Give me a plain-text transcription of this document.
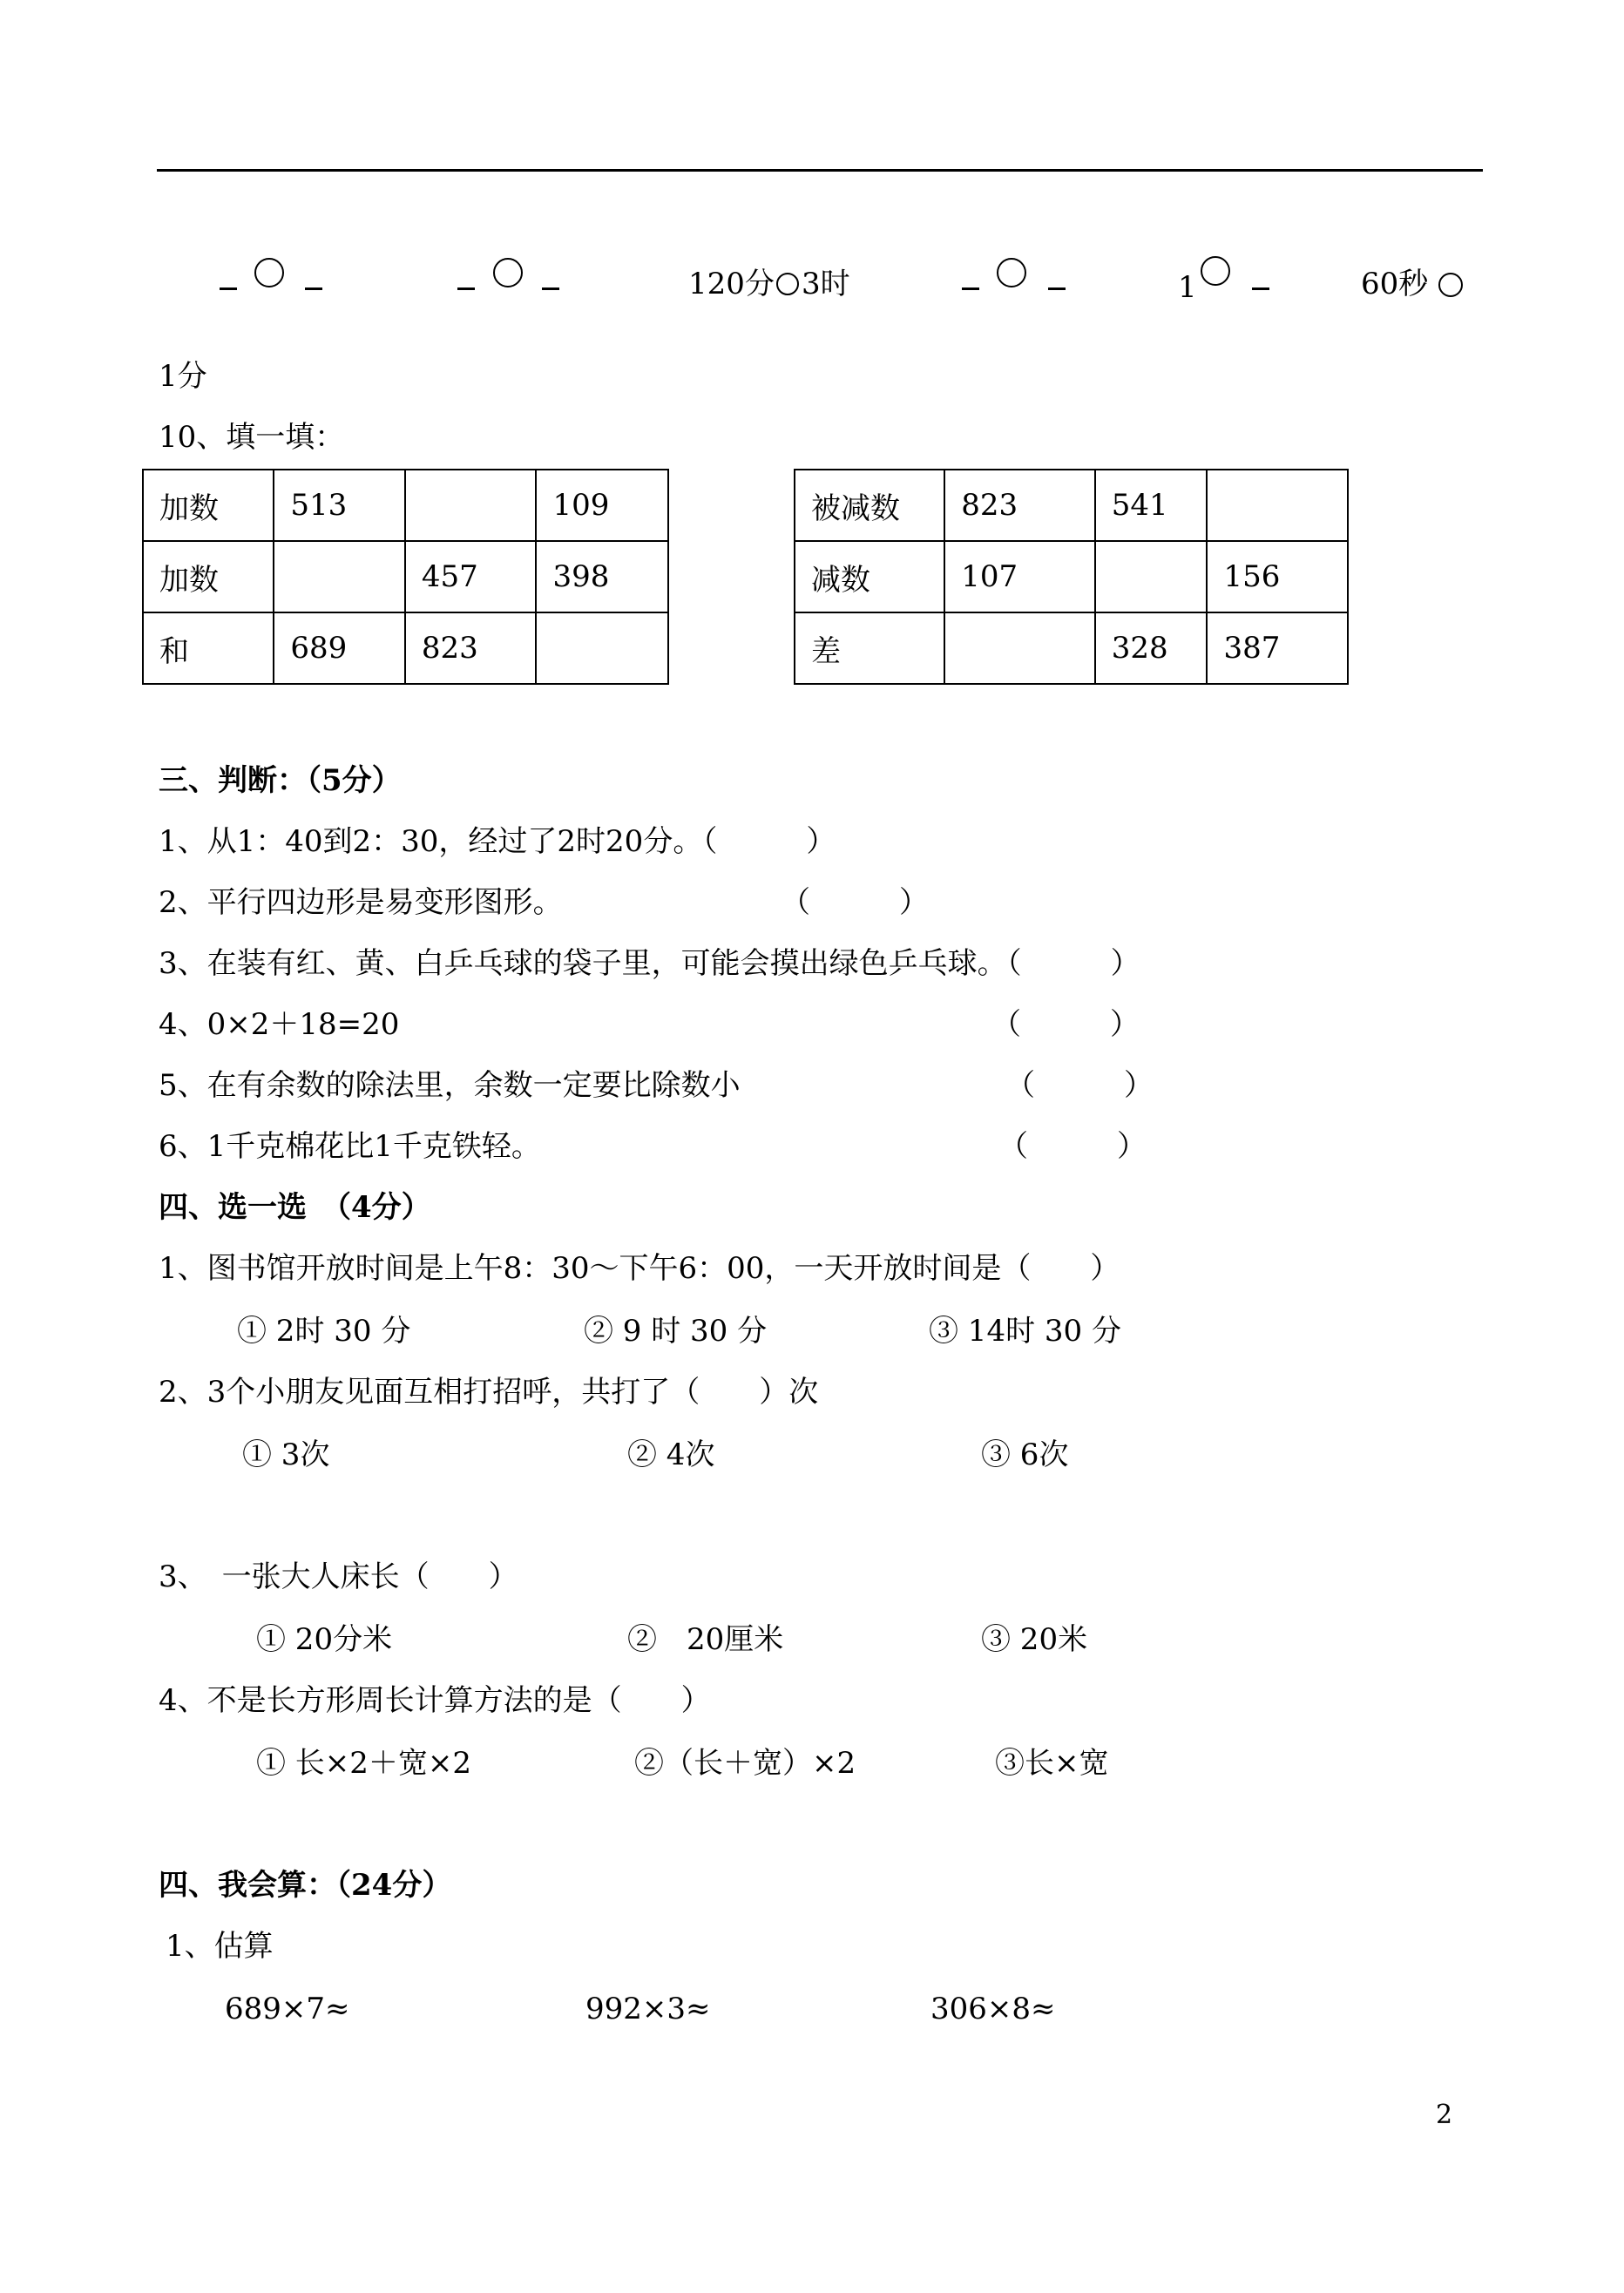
120分 3时	1	60秒
1分
10、填一填：
加数	513		109
加数		457	398
和	689	823	
被减数	823	541	
减数	107		156
差		328	387
三、判断：（5分）
1、从1：40到2：30，经过了2时20分。（　　　）
2、平行四边形是易变形图形。	（　　　）
3、在装有红、黄、白乒乓球的袋子里，可能会摸出绿色乒乓球。（　　　）
4、0×2＋18=20	（　　　）
5、在有余数的除法里，余数一定要比除数小	（　　　）
6、1千克棉花比1千克铁轻。	（　　　）
四、选一选　（4分）
1、图书馆开放时间是上午8：30～下午6：00，一天开放时间是（　　）
① 2时 30 分	② 9 时 30 分	③ 14时 30 分
2、3个小朋友见面互相打招呼，共打了（　　）次
① 3次	② 4次	③ 6次
3、　一张大人床长（　　）
① 20分米	②　20厘米	③ 20米
4、不是长方形周长计算方法的是（　　）
① 长×2＋宽×2	②（长＋宽）×2	③长×宽
四、我会算：（24分）
1、估算
689×7≈	992×3≈	306×8≈
2
